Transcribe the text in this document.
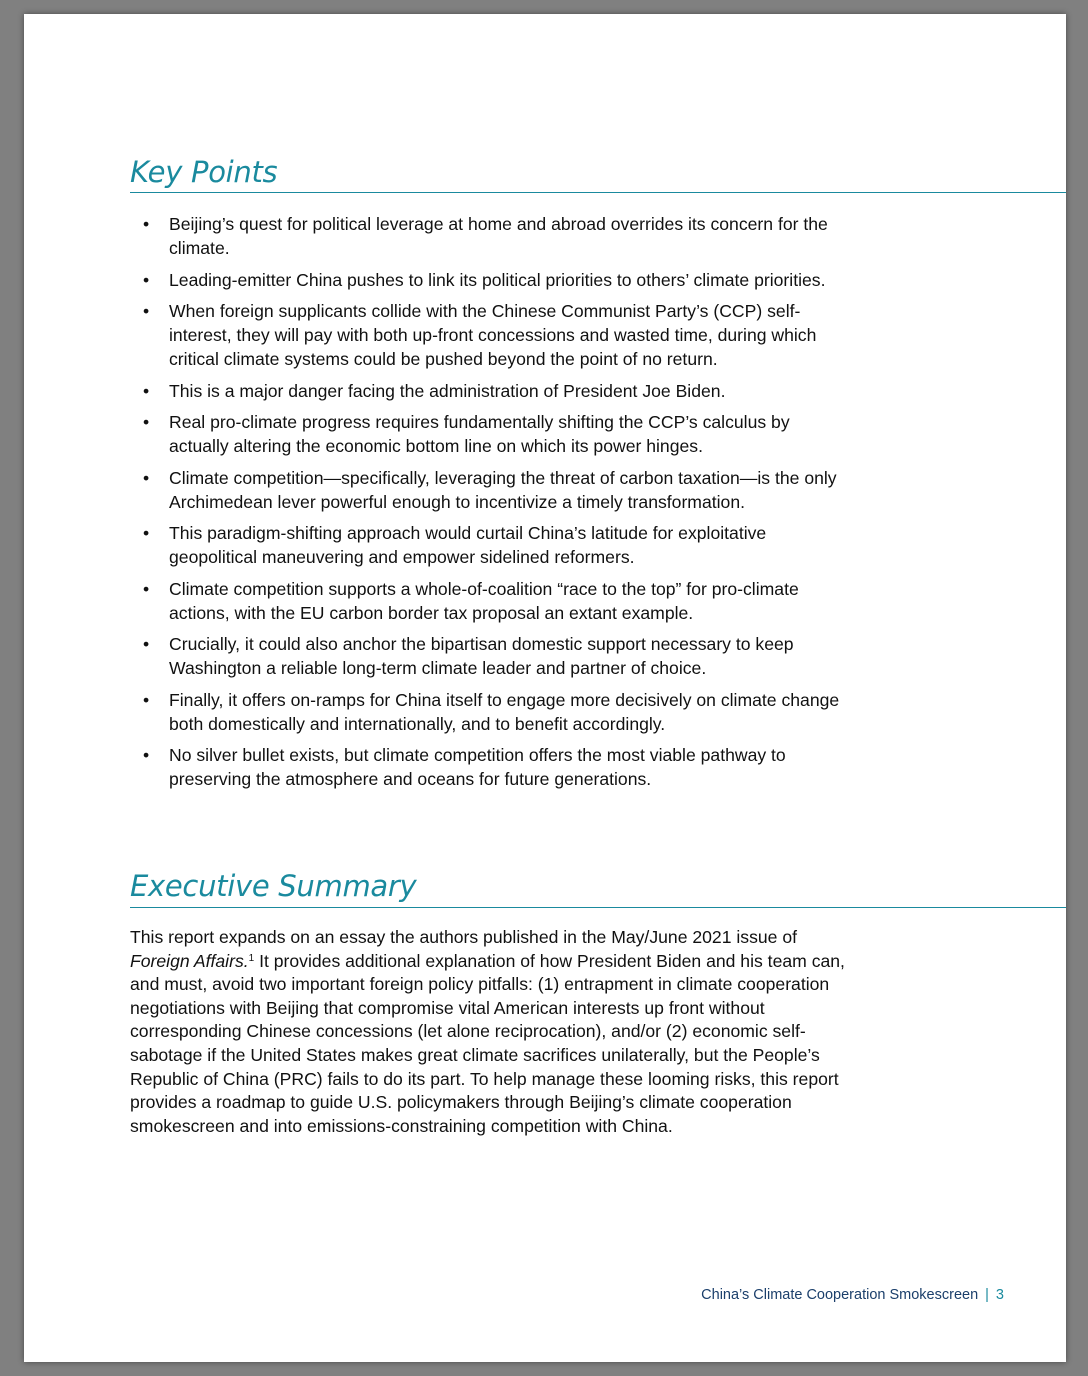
Key Points
• Beijing’s quest for political leverage at home and abroad overrides its concern for the climate.
• Leading-emitter China pushes to link its political priorities to others’ climate priorities.
• When foreign supplicants collide with the Chinese Communist Party’s (CCP) self-interest, they will pay with both up-front concessions and wasted time, during which critical climate systems could be pushed beyond the point of no return.
• This is a major danger facing the administration of President Joe Biden.
• Real pro-climate progress requires fundamentally shifting the CCP’s calculus by actually altering the economic bottom line on which its power hinges.
• Climate competition—specifically, leveraging the threat of carbon taxation—is the only Archimedean lever powerful enough to incentivize a timely transformation.
• This paradigm-shifting approach would curtail China’s latitude for exploitative geopolitical maneuvering and empower sidelined reformers.
• Climate competition supports a whole-of-coalition “race to the top” for pro-climate actions, with the EU carbon border tax proposal an extant example.
• Crucially, it could also anchor the bipartisan domestic support necessary to keep Washington a reliable long-term climate leader and partner of choice.
• Finally, it offers on-ramps for China itself to engage more decisively on climate change both domestically and internationally, and to benefit accordingly.
• No silver bullet exists, but climate competition offers the most viable pathway to preserving the atmosphere and oceans for future generations.
Executive Summary

This report expands on an essay the authors published in the May/June 2021 issue of Foreign Affairs.$^1$ It provides additional explanation of how President Biden and his team can, and must, avoid two important foreign policy pitfalls: (1) entrapment in climate cooperation negotiations with Beijing that compromise vital American interests up front without corresponding Chinese concessions (let alone reciprocation), and/or (2) economic self-sabotage if the United States makes great climate sacrifices unilaterally, but the People’s Republic of China (PRC) fails to do its part. To help manage these looming risks, this report provides a roadmap to guide U.S. policymakers through Beijing’s climate cooperation smokescreen and into emissions-constraining competition with China.

China’s Climate Cooperation Smokescreen | 3
